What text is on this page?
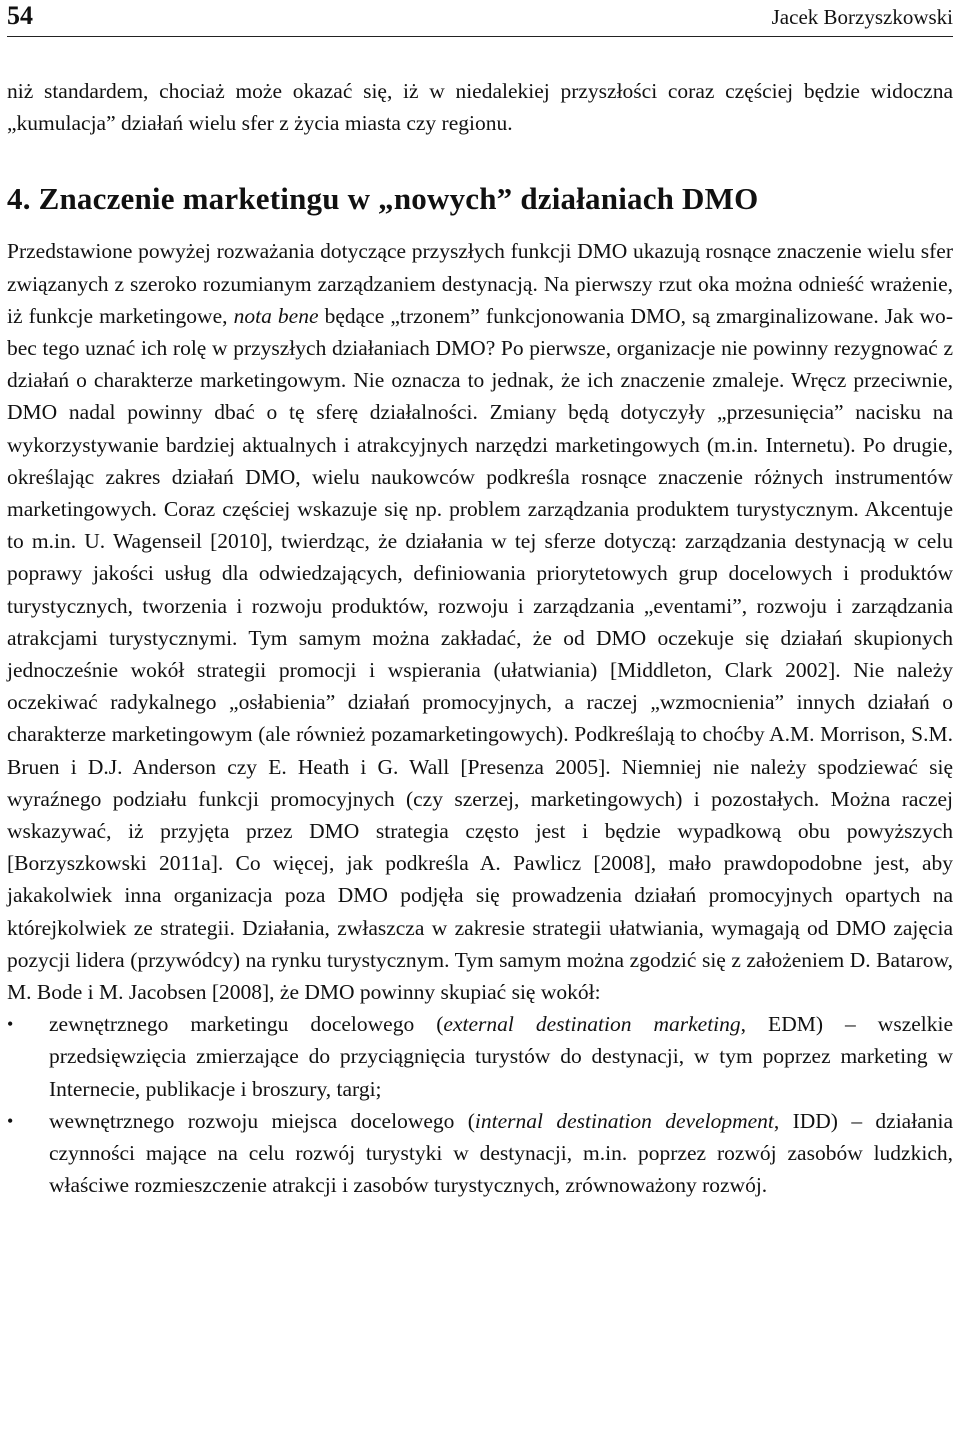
54	Jacek Borzyszkowski

niż standardem, chociaż może okazać się, iż w niedalekiej przyszłości coraz częściej będzie widoczna „kumulacja” działań wielu sfer z życia miasta czy regionu.

4. Znaczenie marketingu w „nowych” działaniach DMO

Przedstawione powyżej rozważania dotyczące przyszłych funkcji DMO ukazują rosnące znaczenie wielu sfer związanych z szeroko rozumianym zarządzaniem destynacją. Na pierwszy rzut oka można odnieść wrażenie, iż funkcje marketingowe, nota bene będące „trzonem” funkcjonowania DMO, są zmarginalizowane. Jak wobec tego uznać ich rolę w przyszłych działaniach DMO? Po pierwsze, organizacje nie powinny rezygnować z działań o charakterze marketingowym. Nie oznacza to jednak, że ich znaczenie zmaleje. Wręcz przeciwnie, DMO nadal powinny dbać o tę sferę działalności. Zmiany będą dotyczyły „przesunięcia” nacisku na wykorzystywanie bardziej aktualnych i atrakcyjnych narzędzi marketingowych (m.in. Internetu). Po drugie, określając zakres działań DMO, wielu naukowców podkreśla rosnące znaczenie różnych instrumentów marketingowych. Coraz częściej wskazuje się np. problem zarządzania produktem turystycznym. Akcentuje to m.in. U. Wagenseil [2010], twierdząc, że działania w tej sferze dotyczą: zarządzania destynacją w celu poprawy jakości usług dla odwiedzających, definiowania priorytetowych grup docelowych i produktów turystycznych, tworzenia i rozwoju produktów, rozwoju i zarządzania „eventami”, rozwoju i zarządzania atrakcjami turystycznymi. Tym samym można zakładać, że od DMO oczekuje się działań skupionych jednocześnie wokół strategii promocji i wspierania (ułatwiania) [Middleton, Clark 2002]. Nie należy oczekiwać radykalnego „osłabienia” działań promocyjnych, a raczej „wzmocnienia” innych działań o charakterze marketingowym (ale również pozamarketingowych). Podkreślają to choćby A.M. Morrison, S.M. Bruen i D.J. Anderson czy E. Heath i G. Wall [Presenza 2005]. Niemniej nie należy spodziewać się wyraźnego podziału funkcji promocyjnych (czy szerzej, marketingowych) i pozostałych. Można raczej wskazywać, iż przyjęta przez DMO strategia często jest i będzie wypadkową obu powyższych [Borzyszkowski 2011a]. Co więcej, jak podkreśla A. Pawlicz [2008], mało prawdopodobne jest, aby jakakolwiek inna organizacja poza DMO podjęła się prowadzenia działań promocyjnych opartych na którejkolwiek ze strategii. Działania, zwłaszcza w zakresie strategii ułatwiania, wymagają od DMO zajęcia pozycji lidera (przywódcy) na rynku turystycznym. Tym samym można zgodzić się z założeniem D. Batarow, M. Bode i M. Jacobsen [2008], że DMO powinny skupiać się wokół:

• zewnętrznego marketingu docelowego (external destination marketing, EDM) – wszelkie przedsięwzięcia zmierzające do przyciągnięcia turystów do destynacji, w tym poprzez marketing w Internecie, publikacje i broszury, targi;
• wewnętrznego rozwoju miejsca docelowego (internal destination development, IDD) – działania czynności mające na celu rozwój turystyki w destynacji, m.in. poprzez rozwój zasobów ludzkich, właściwe rozmieszczenie atrakcji i zasobów turystycznych, zrównoważony rozwój.
